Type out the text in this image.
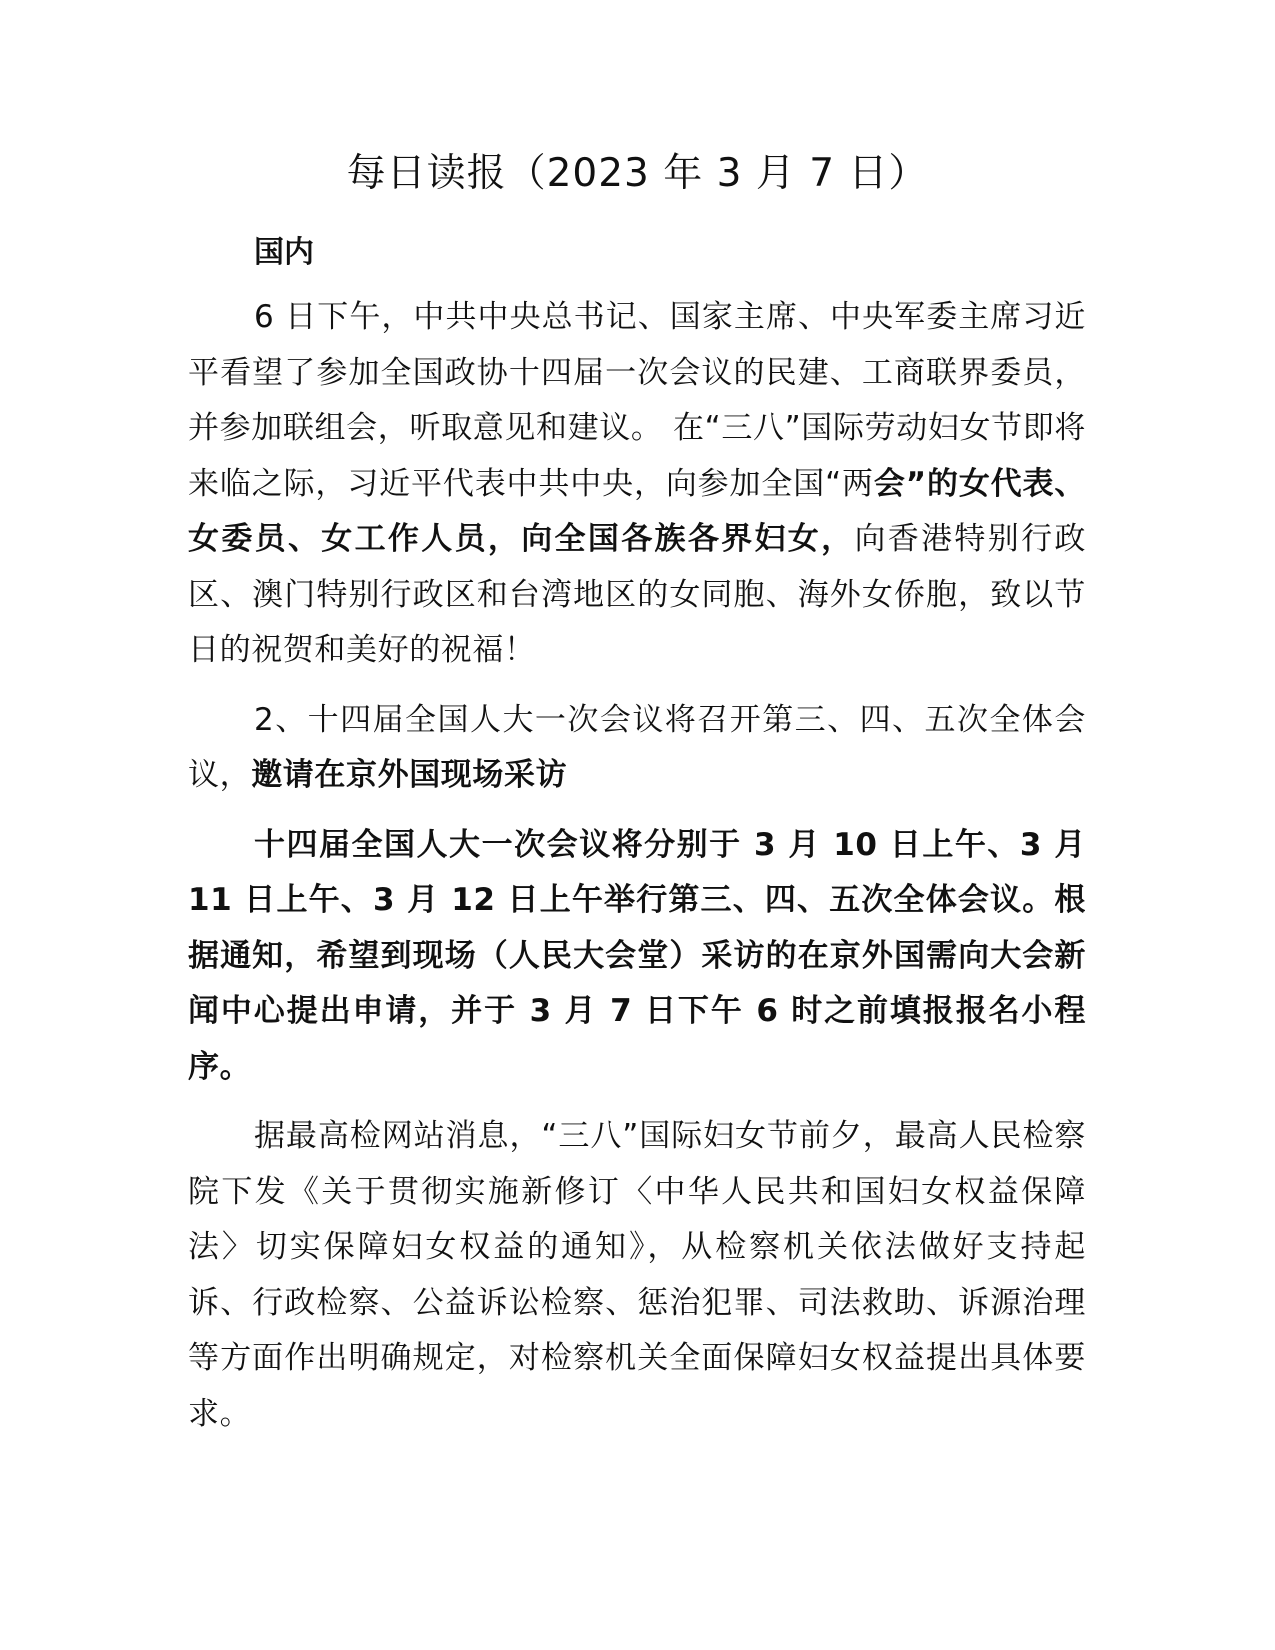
每日读报（2023 年 3 月 7 日）
国内

6 日下午，中共中央总书记、国家主席、中央军委主席习近平看望了参加全国政协十四届一次会议的民建、工商联界委员，并参加联组会，听取意见和建议。 在“三八”国际劳动妇女节即将来临之际，习近平代表中共中央，向参加全国“两会”的女代表、女委员、女工作人员，向全国各族各界妇女，向香港特别行政区、澳门特别行政区和台湾地区的女同胞、海外女侨胞，致以节日的祝贺和美好的祝福！

2、十四届全国人大一次会议将召开第三、四、五次全体会议，邀请在京外国现场采访

十四届全国人大一次会议将分别于 3 月 10 日上午、3 月 11 日上午、3 月 12 日上午举行第三、四、五次全体会议。根据通知，希望到现场（人民大会堂）采访的在京外国需向大会新闻中心提出申请，并于 3 月 7 日下午 6 时之前填报报名小程序。

据最高检网站消息，“三八”国际妇女节前夕，最高人民检察院下发《关于贯彻实施新修订〈中华人民共和国妇女权益保障法〉切实保障妇女权益的通知》，从检察机关依法做好支持起诉、行政检察、公益诉讼检察、惩治犯罪、司法救助、诉源治理等方面作出明确规定，对检察机关全面保障妇女权益提出具体要求。
